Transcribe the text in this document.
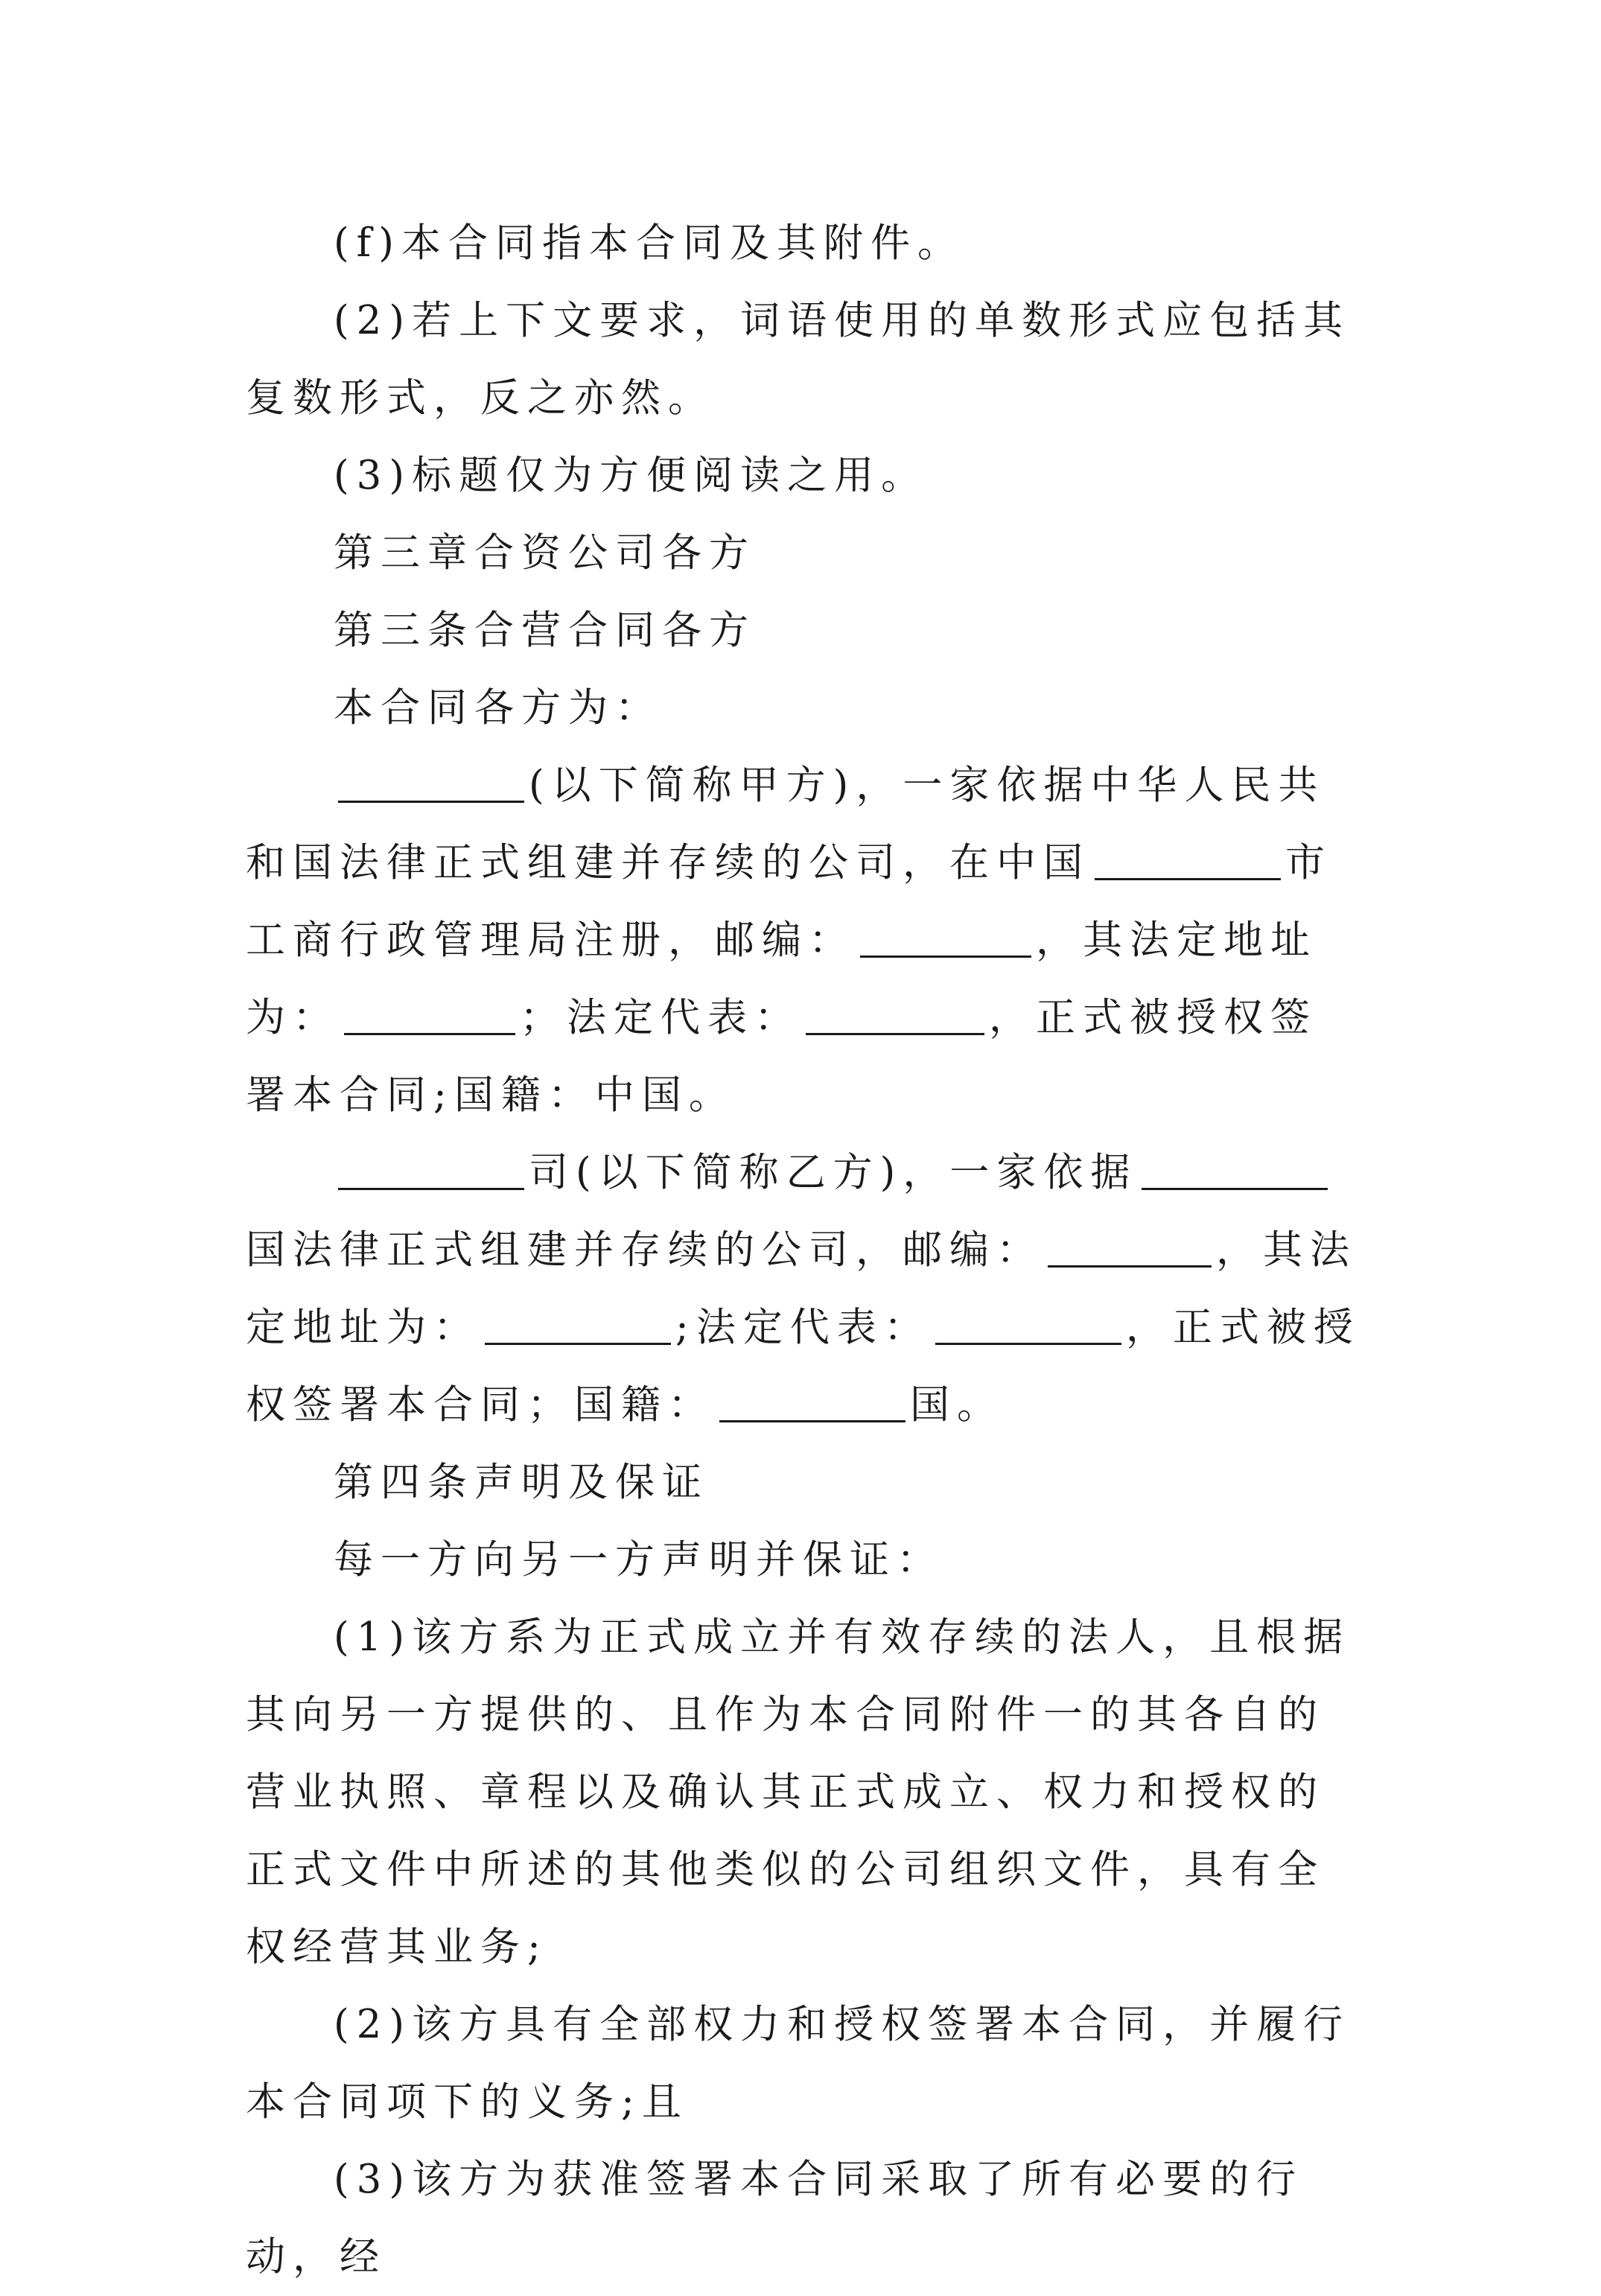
(f)本合同指本合同及其附件。

(2)若上下文要求，词语使用的单数形式应包括其复数形式，反之亦然。

(3)标题仅为方便阅读之用。

第三章合资公司各方

第三条合营合同各方

本合同各方为：

(以下简称甲方)，一家依据中华人民共和国法律正式组建并存续的公司，在中国	市工商行政管理局注册，邮编：	，其法定地址为：	；法定代表：	，正式被授权签署本合同;国籍：中国。

司(以下简称乙方)，一家依据国法律正式组建并存续的公司，邮编：	，其法定地址为：	;法定代表：	，正式被授权签署本合同；国籍：	国。

第四条声明及保证

每一方向另一方声明并保证：

(1)该方系为正式成立并有效存续的法人，且根据其向另一方提供的、且作为本合同附件一的其各自的营业执照、章程以及确认其正式成立、权力和授权的正式文件中所述的其他类似的公司组织文件，具有全权经营其业务;

(2)该方具有全部权力和授权签署本合同，并履行本合同项下的义务;且

(3)该方为获准签署本合同采取了所有必要的行动，经
